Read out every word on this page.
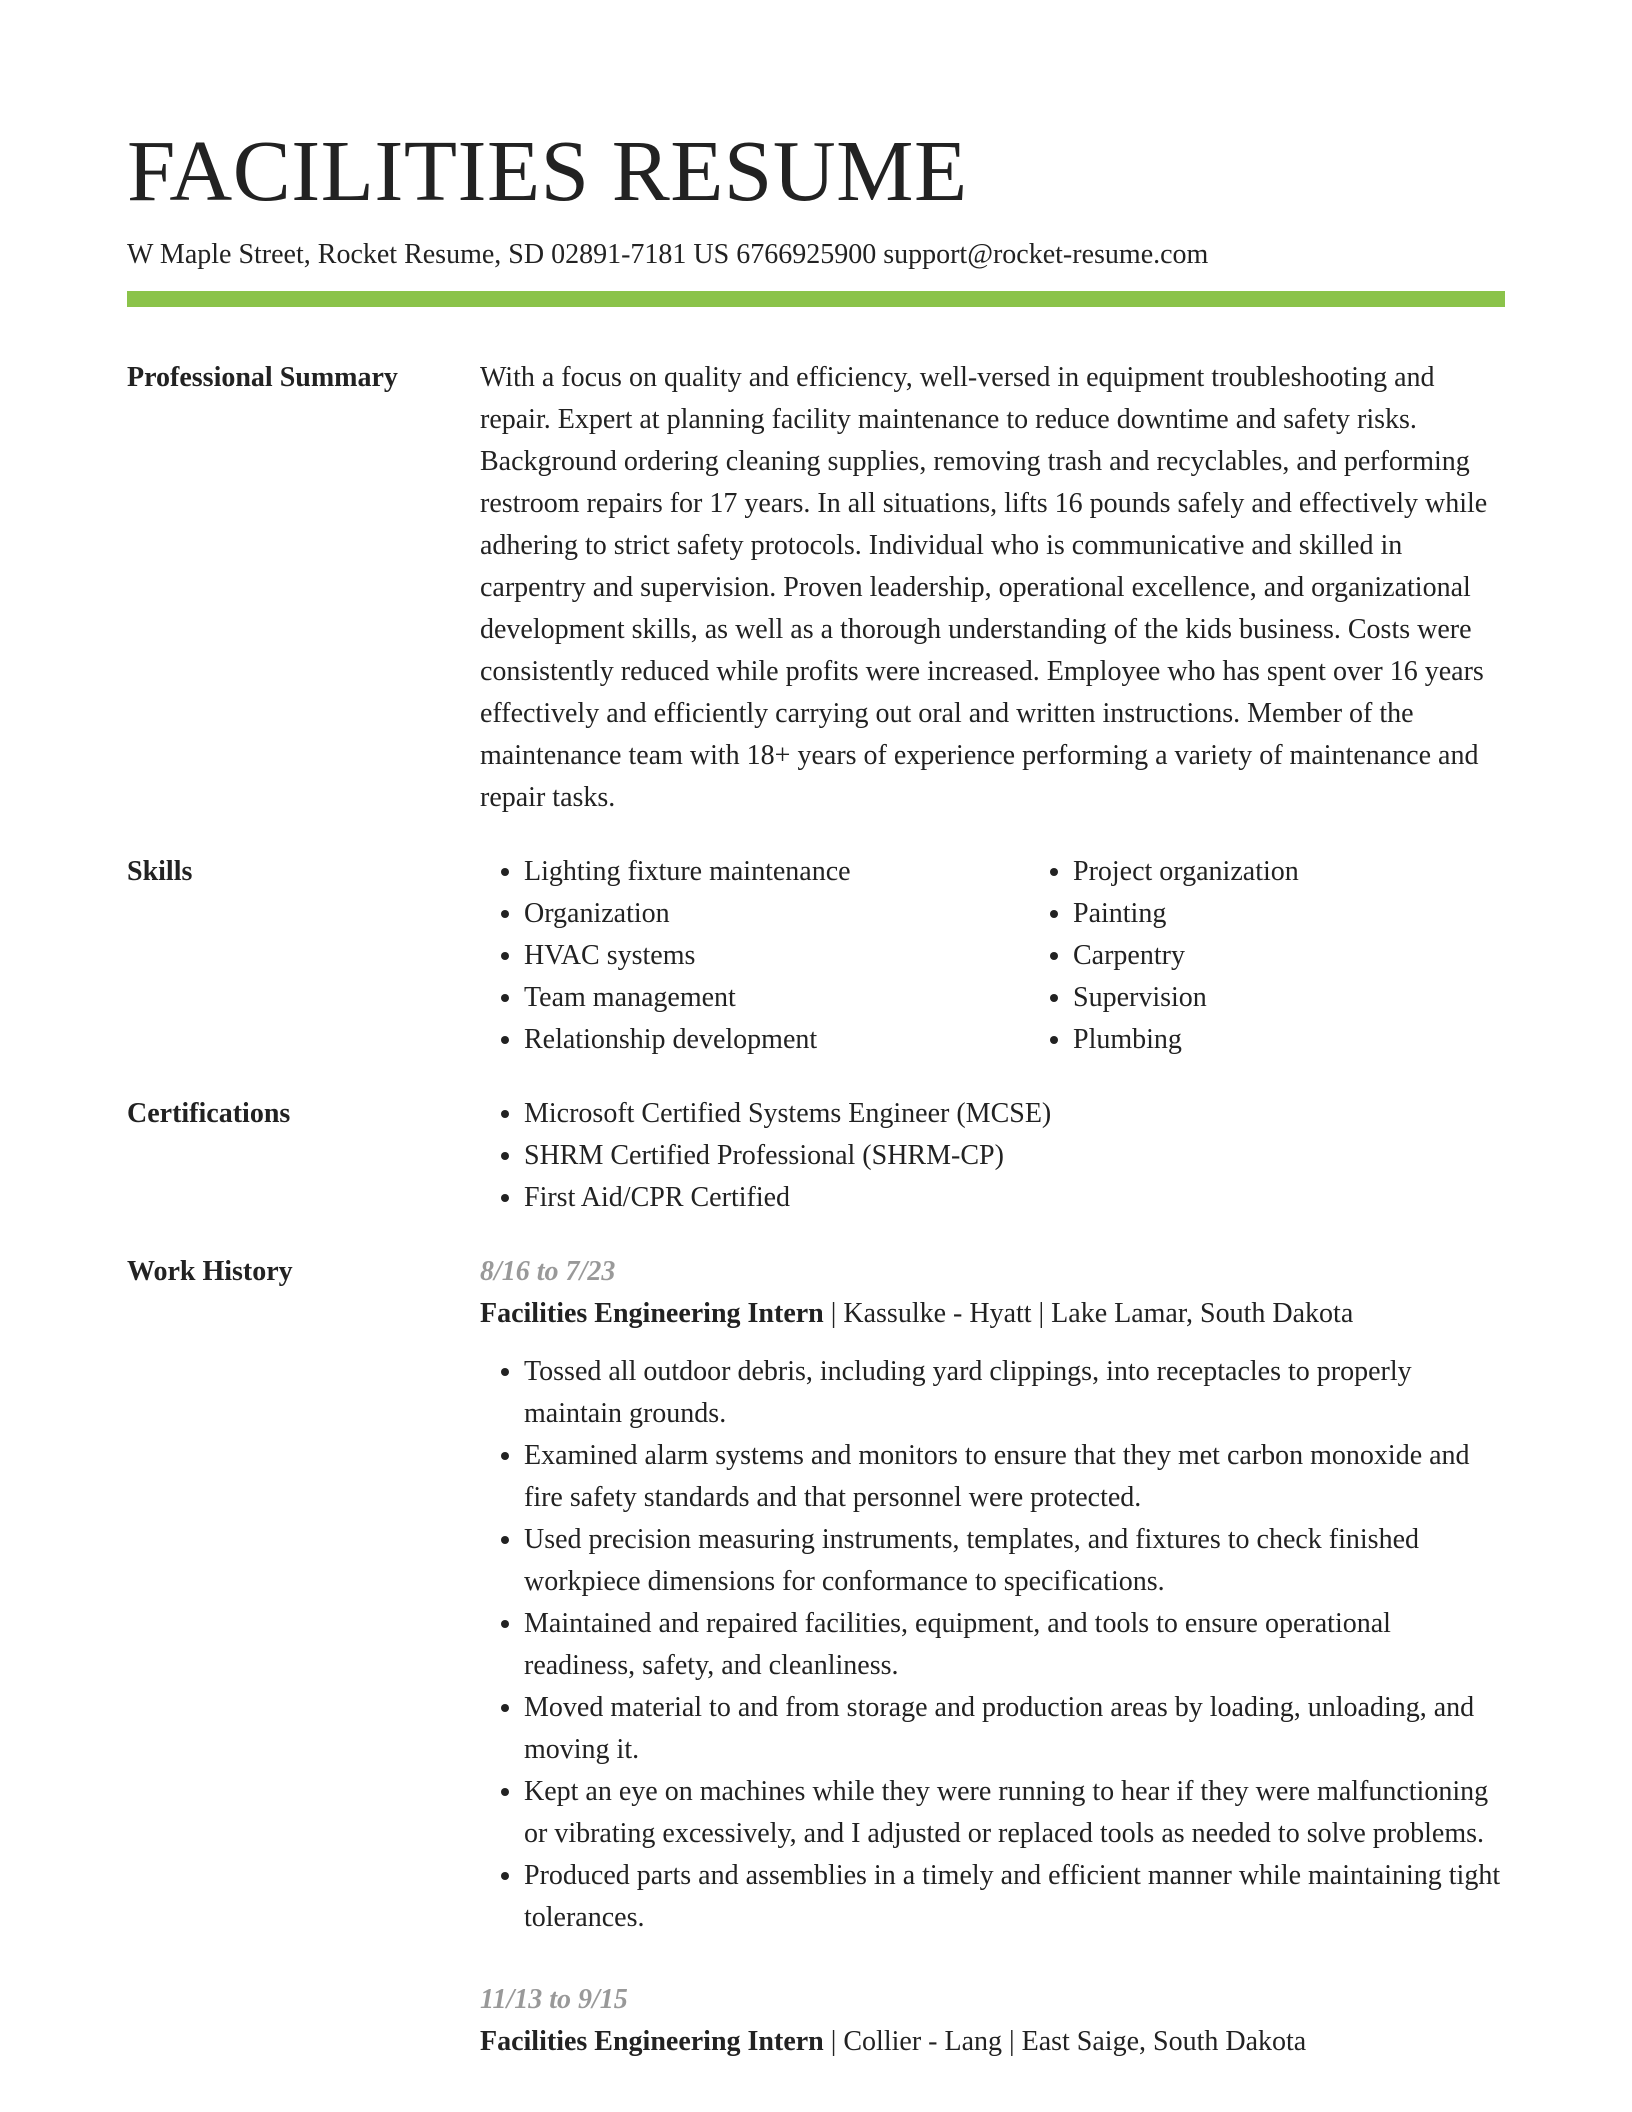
FACILITIES RESUME
W Maple Street, Rocket Resume, SD 02891-7181 US 6766925900 support@rocket-resume.com
Professional Summary	With a focus on quality and efficiency, well-versed in equipment troubleshooting and repair. Expert at planning facility maintenance to reduce downtime and safety risks. Background ordering cleaning supplies, removing trash and recyclables, and performing restroom repairs for 17 years. In all situations, lifts 16 pounds safely and effectively while adhering to strict safety protocols. Individual who is communicative and skilled in carpentry and supervision. Proven leadership, operational excellence, and organizational development skills, as well as a thorough understanding of the kids business. Costs were consistently reduced while profits were increased. Employee who has spent over 16 years effectively and efficiently carrying out oral and written instructions. Member of the maintenance team with 18+ years of experience performing a variety of maintenance and repair tasks.
Skills	• Lighting fixture maintenance
• Organization
• HVAC systems
• Team management
• Relationship development
• Project organization
• Painting
• Carpentry
• Supervision
• Plumbing
Certifications	• Microsoft Certified Systems Engineer (MCSE)
• SHRM Certified Professional (SHRM-CP)
• First Aid/CPR Certified
Work History	8/16 to 7/23
Facilities Engineering Intern | Kassulke - Hyatt | Lake Lamar, South Dakota
• Tossed all outdoor debris, including yard clippings, into receptacles to properly maintain grounds.
• Examined alarm systems and monitors to ensure that they met carbon monoxide and fire safety standards and that personnel were protected.
• Used precision measuring instruments, templates, and fixtures to check finished workpiece dimensions for conformance to specifications.
• Maintained and repaired facilities, equipment, and tools to ensure operational readiness, safety, and cleanliness.
• Moved material to and from storage and production areas by loading, unloading, and moving it.
• Kept an eye on machines while they were running to hear if they were malfunctioning or vibrating excessively, and I adjusted or replaced tools as needed to solve problems.
• Produced parts and assemblies in a timely and efficient manner while maintaining tight tolerances.
11/13 to 9/15
Facilities Engineering Intern | Collier - Lang | East Saige, South Dakota
